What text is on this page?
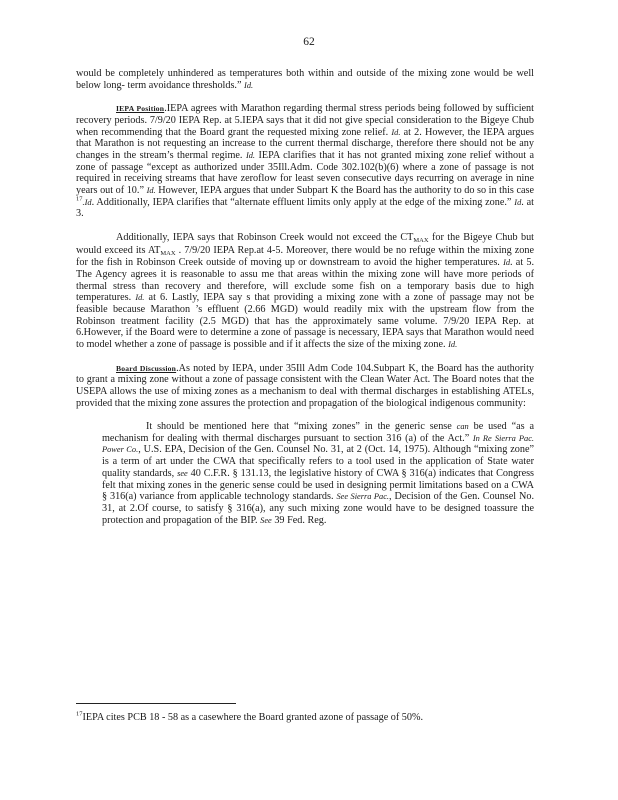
62

would be completely unhindered as temperatures both within and outside of the mixing zone would be well below long- term avoidance thresholds.” Id.

IEPA Position.IEPA agrees with Marathon regarding thermal stress periods being followed by sufficient recovery periods. 7/9/20 IEPA Rep. at 5.IEPA says that it did not give special consideration to the Bigeye Chub when recommending that the Board grant the requested mixing zone relief. Id. at 2. However, the IEPA argues that Marathon is not requesting an increase to the current thermal discharge, therefore there should not be any changes in the stream’s thermal regime. Id. IEPA clarifies that it has not granted mixing zone relief without a zone of passage “except as authorized under 35Ill.Adm. Code 302.102(b)(6) where a zone of passage is not required in receiving streams that have zeroflow for least seven consecutive days recurring on average in nine years out of 10.” Id. However, IEPA argues that under Subpart K the Board has the authority to do so in this case $^{17}$.Id. Additionally, IEPA clarifies that “alternate effluent limits only apply at the edge of the mixing zone.” Id. at 3.

Additionally, IEPA says that Robinson Creek would not exceed the $CT_{MAX}$ for the Bigeye Chub but would exceed its $AT_{MAX}$ . 7/9/20 IEPA Rep.at 4-5. Moreover, there would be no refuge within the mixing zone for the fish in Robinson Creek outside of moving up or downstream to avoid the higher temperatures. Id. at 5. The Agency agrees it is reasonable to assu me that areas within the mixing zone will have more periods of thermal stress than recovery and therefore, will exclude some fish on a temporary basis due to high temperatures. Id. at 6. Lastly, IEPA say s that providing a mixing zone with a zone of passage may not be feasible because Marathon ’s effluent (2.66 MGD) would readily mix with the upstream flow from the Robinson treatment facility (2.5 MGD) that has the approximately same volume. 7/9/20 IEPA Rep. at 6.However, if the Board were to determine a zone of passage is necessary, IEPA says that Marathon would need to model whether a zone of passage is possible and if it affects the size of the mixing zone. Id.

Board Discussion.As noted by IEPA, under 35Ill Adm Code 104.Subpart K, the Board has the authority to grant a mixing zone without a zone of passage consistent with the Clean Water Act. The Board notes that the USEPA allows the use of mixing zones as a mechanism to deal with thermal discharges in establishing ATELs, provided that the mixing zone assures the protection and propagation of the biological indigenous community:

It should be mentioned here that “mixing zones” in the generic sense can be used “as a mechanism for dealing with thermal discharges pursuant to section 316 (a) of the Act.” In Re Sierra Pac. Power Co., U.S. EPA, Decision of the Gen. Counsel No. 31, at 2 (Oct. 14, 1975). Although “mixing zone” is a term of art under the CWA that specifically refers to a tool used in the application of State water quality standards, see 40 C.F.R. § 131.13, the legislative history of CWA § 316(a) indicates that Congress felt that mixing zones in the generic sense could be used in designing permit limitations based on a CWA § 316(a) variance from applicable technology standards. See Sierra Pac., Decision of the Gen. Counsel No. 31, at 2.Of course, to satisfy § 316(a), any such mixing zone would have to be designed toassure the protection and propagation of the BIP. See 39 Fed. Reg.

$^{17}$IEPA cites PCB 18 - 58 as a casewhere the Board granted azone of passage of 50%.
